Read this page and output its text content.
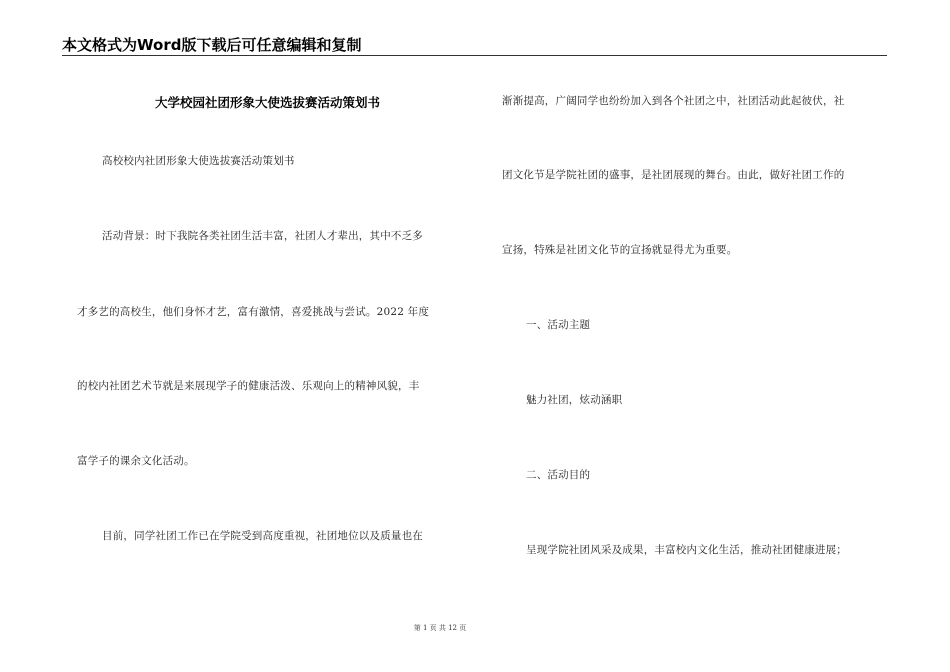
本文格式为Word版下载后可任意编辑和复制
大学校园社团形象大使选拔赛活动策划书
高校校内社团形象大使选拔赛活动策划书
活动背景：时下我院各类社团生活丰富，社团人才辈出，其中不乏多
才多艺的高校生，他们身怀才艺，富有激情，喜爱挑战与尝试。2022 年度
的校内社团艺术节就是来展现学子的健康活泼、乐观向上的精神风貌，丰
富学子的课余文化活动。
目前，同学社团工作已在学院受到高度重视，社团地位以及质量也在
渐渐提高，广阔同学也纷纷加入到各个社团之中，社团活动此起彼伏，社
团文化节是学院社团的盛事，是社团展现的舞台。由此，做好社团工作的
宣扬，特殊是社团文化节的宣扬就显得尤为重要。
一、活动主题
魅力社团，炫动涵职
二、活动目的
呈现学院社团风采及成果，丰富校内文化生活，推动社团健康进展；
第 1 页 共 12 页
